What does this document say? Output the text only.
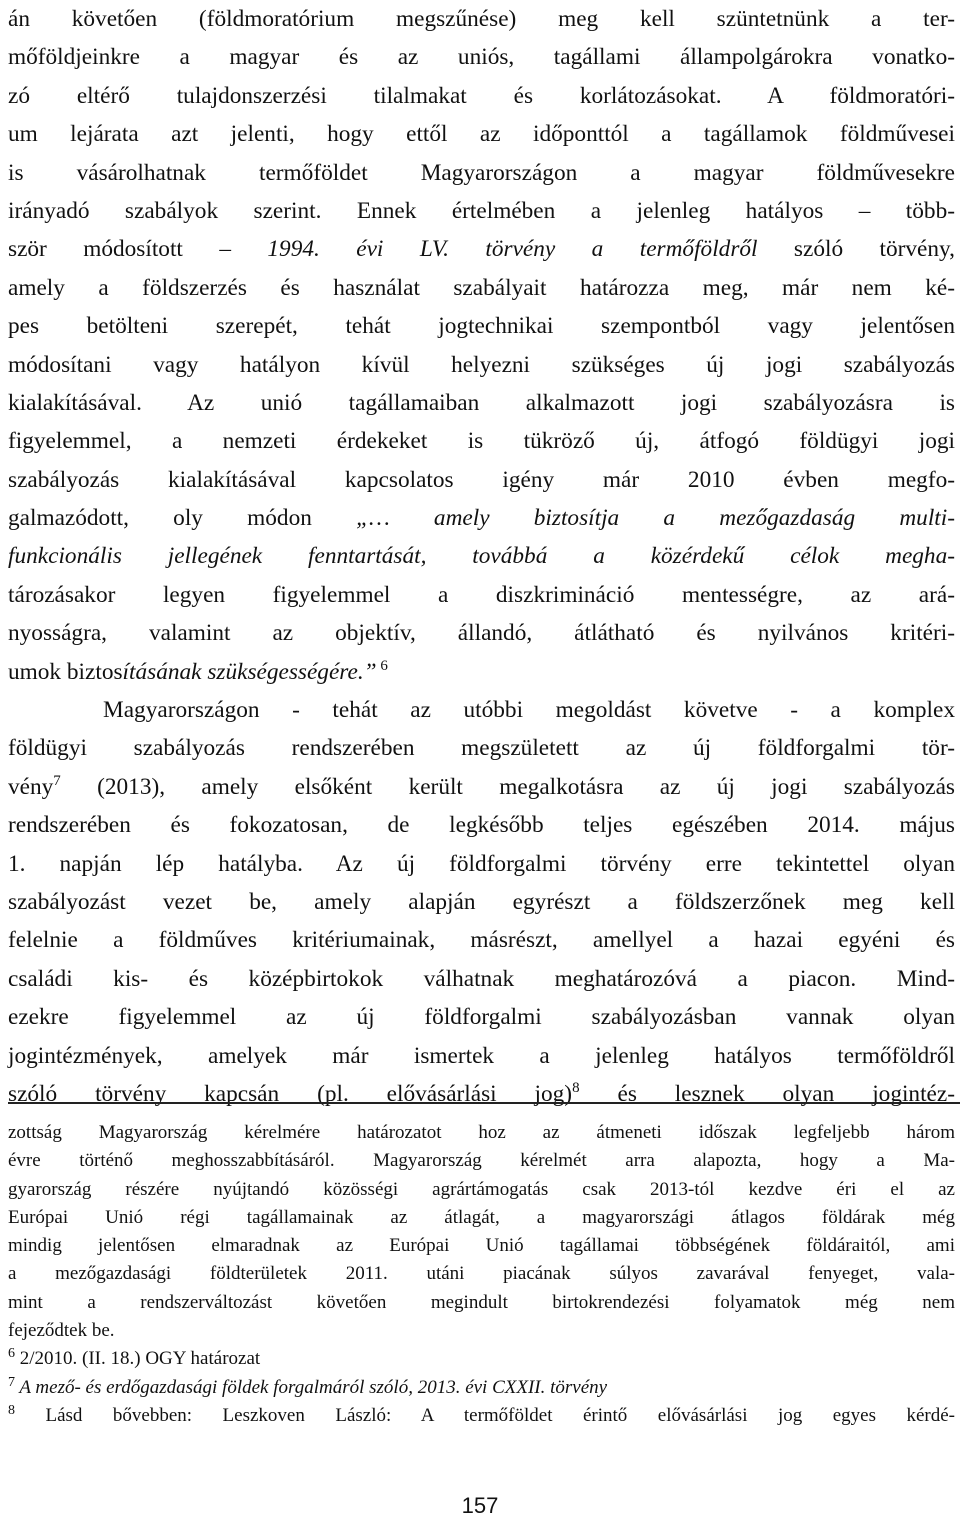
án követően (földmoratórium megszűnése) meg kell szüntetnünk a ter-
mőföldjeinkre a magyar és az uniós, tagállami állampolgárokra vonatko-
zó eltérő tulajdonszerzési tilalmakat és korlátozásokat. A földmoratóri-
um lejárata azt jelenti, hogy ettől az időponttól a tagállamok földművesei
is vásárolhatnak termőföldet Magyarországon a magyar földművesekre
irányadó szabályok szerint. Ennek értelmében a jelenleg hatályos ‒ több-
ször módosított ‒ 1994. évi LV. törvény a termőföldről szóló törvény,
amely a földszerzés és használat szabályait határozza meg, már nem ké-
pes betölteni szerepét, tehát jogtechnikai szempontból vagy jelentősen
módosítani vagy hatályon kívül helyezni szükséges új jogi szabályozás
kialakításával. Az unió tagállamaiban alkalmazott jogi szabályozásra is
figyelemmel, a nemzeti érdekeket is tükröző új, átfogó földügyi jogi
szabályozás kialakításával kapcsolatos igény már 2010 évben megfo-
galmazódott, oly módon „… amely biztosítja a mezőgazdaság multi-
funkcionális jellegének fenntartását, továbbá a közérdekű célok megha-
tározásakor legyen figyelemmel a diszkrimináció mentességre, az ará-
nyosságra, valamint az objektív, állandó, átlátható és nyilvános kritéri-
umok biztosításának szükségességére.” $^6$
Magyarországon - tehát az utóbbi megoldást követve - a komplex
földügyi szabályozás rendszerében megszületett az új földforgalmi tör-
vény$^7$ (2013), amely elsőként került megalkotásra az új jogi szabályozás
rendszerében és fokozatosan, de legkésőbb teljes egészében 2014. május
1. napján lép hatályba. Az új földforgalmi törvény erre tekintettel olyan
szabályozást vezet be, amely alapján egyrészt a földszerzőnek meg kell
felelnie a földműves kritériumainak, másrészt, amellyel a hazai egyéni és
családi kis- és középbirtokok válhatnak meghatározóvá a piacon. Mind-
ezekre figyelemmel az új földforgalmi szabályozásban vannak olyan
jogintézmények, amelyek már ismertek a jelenleg hatályos termőföldről
szóló törvény kapcsán (pl. elővásárlási jog)$^8$ és lesznek olyan jogintéz-
zottság Magyarország kérelmére határozatot hoz az átmeneti időszak legfeljebb három
évre történő meghosszabbításáról. Magyarország kérelmét arra alapozta, hogy a Ma-
gyarország részére nyújtandó közösségi agrártámogatás csak 2013-tól kezdve éri el az
Európai Unió régi tagállamainak az átlagát, a magyarországi átlagos földárak még
mindig jelentősen elmaradnak az Európai Unió tagállamai többségének földáraitól, ami
a mezőgazdasági földterületek 2011. utáni piacának súlyos zavarával fenyeget, vala-
mint a rendszerváltozást követően megindult birtokrendezési folyamatok még nem
fejeződtek be.
$^6$ 2/2010. (II. 18.) OGY határozat
$^7$ A mező- és erdőgazdasági földek forgalmáról szóló, 2013. évi CXXII. törvény
$^8$ Lásd bővebben: Leszkoven László: A termőföldet érintő elővásárlási jog egyes kérdé-
157
